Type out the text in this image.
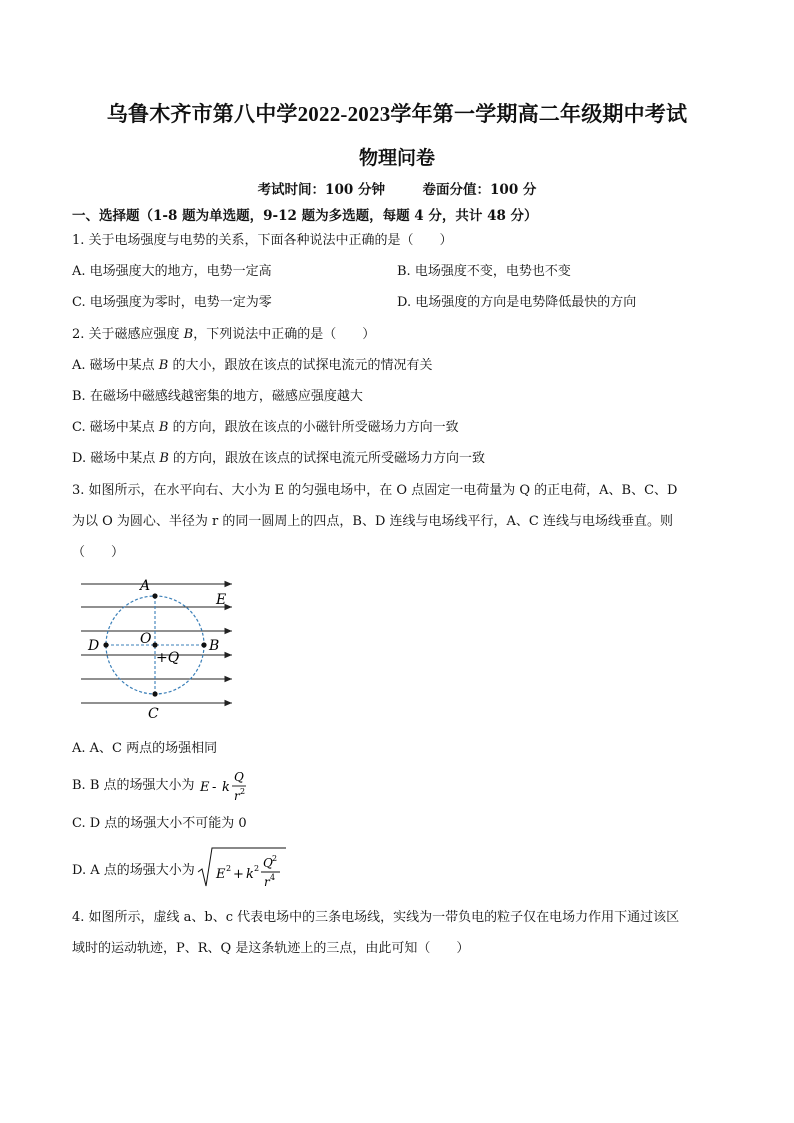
乌鲁木齐市第八中学2022-2023学年第一学期高二年级期中考试
物理问卷
考试时间：100 分钟        卷面分值：100 分
一、选择题（1-8 题为单选题，9-12 题为多选题，每题 4 分，共计 48 分）
1. 关于电场强度与电势的关系，下面各种说法中正确的是（　　）
A. 电场强度大的地方，电势一定高	B. 电场强度不变，电势也不变
C. 电场强度为零时，电势一定为零	D. 电场强度的方向是电势降低最快的方向
2. 关于磁感应强度 B，下列说法中正确的是（　　）
A. 磁场中某点 B 的大小，跟放在该点的试探电流元的情况有关
B. 在磁场中磁感线越密集的地方，磁感应强度越大
C. 磁场中某点 B 的方向，跟放在该点的小磁针所受磁场力方向一致
D. 磁场中某点 B 的方向，跟放在该点的试探电流元所受磁场力方向一致
3. 如图所示，在水平向右、大小为 E 的匀强电场中，在 O 点固定一电荷量为 Q 的正电荷，A、B、C、D
为以 O 为圆心、半径为 r 的同一圆周上的四点，B、D 连线与电场线平行，A、C 连线与电场线垂直。则
（　　）
A
E
O
D	B
+Q
C
A. A、C 两点的场强相同
B. B 点的场强大小为 E - k
Q
r 2
C. D 点的场强大小不可能为 0
D. A 点的场强大小为 E 2 + k 2 Q 2
r 4
4. 如图所示，虚线 a、b、c 代表电场中的三条电场线，实线为一带负电的粒子仅在电场力作用下通过该区
域时的运动轨迹，P、R、Q 是这条轨迹上的三点，由此可知（　　）
